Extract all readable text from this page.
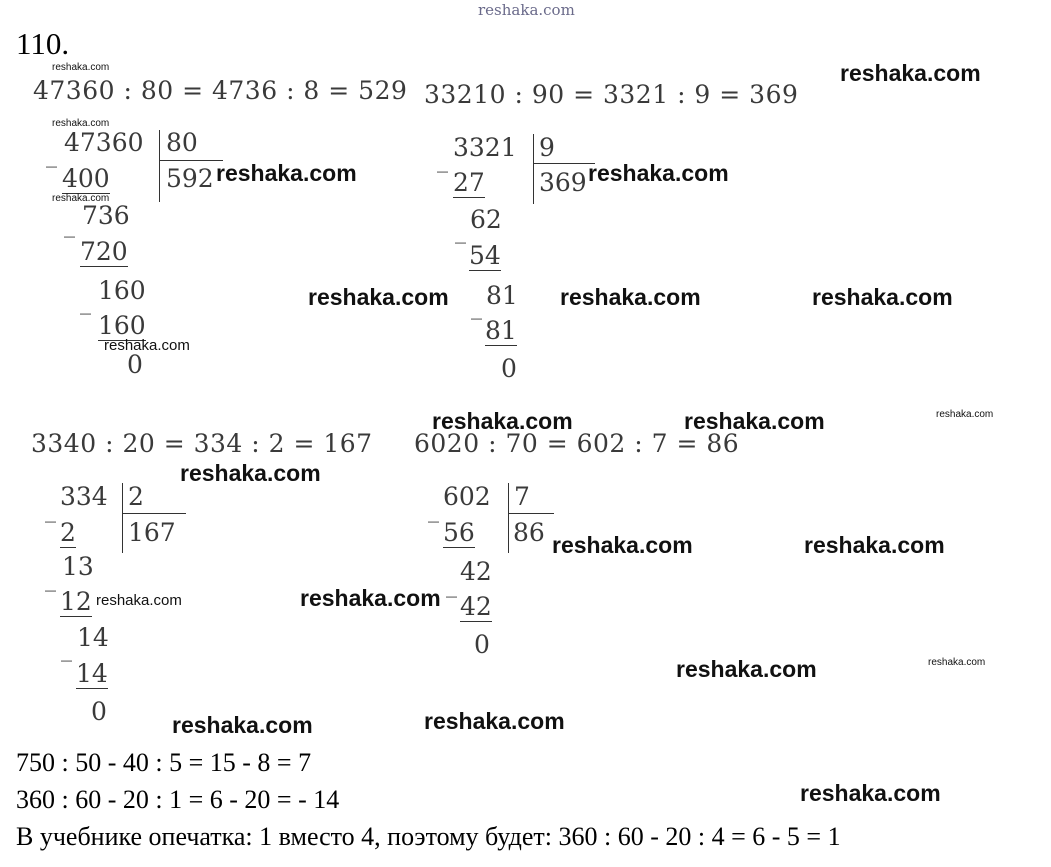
reshaka.com
110.
47360 : 80 = 4736 : 8 = 529
47360
_	80
592
400
_ 736
720
_ 160
160
0
33210 : 90 = 3321 : 9 = 369
3321
_	9
369
27
_ 62
54
_ 81
81
0
3340 : 20 = 334 : 2 = 167
334
_	2
167
2
_ 13
12
_ 14
14
0
6020 : 70 = 602 : 7 = 86
602
_	7
86
56
_ 42
42
0
750 : 50 - 40 : 5 = 15 - 8 = 7
360 : 60 - 20 : 1 = 6 - 20 = - 14
В учебнике опечатка: 1 вместо 4, поэтому будет: 360 : 60 - 20 : 4 = 6 - 5 = 1
reshaka.com
reshaka.com
reshaka.com
reshaka.com
reshaka.com	reshaka.com
reshaka.com	reshaka.com	reshaka.com
reshaka.com
reshaka.com	reshaka.com	reshaka.com
reshaka.com
reshaka.com	reshaka.com
reshaka.com	reshaka.com
reshaka.com	reshaka.com
reshaka.com	reshaka.com
reshaka.com
